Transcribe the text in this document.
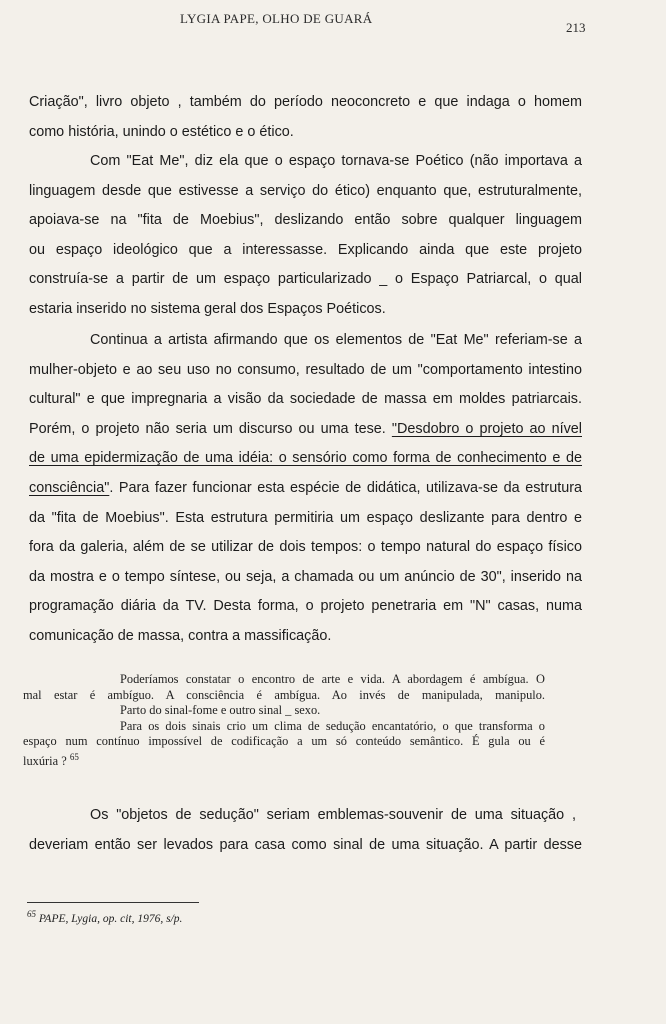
LYGIA PAPE, OLHO DE GUARÁ
213
Criação", livro objeto , também do período neoconcreto e que indaga o homem
como história, unindo o estético e o ético.
Com "Eat Me", diz ela que o espaço tornava-se Poético (não importava a
linguagem desde que estivesse a serviço do ético) enquanto que, estruturalmente,
apoiava-se na "fita de Moebius", deslizando então sobre qualquer linguagem
ou espaço ideológico que a interessasse. Explicando ainda que este projeto
construía-se a partir de um espaço particularizado _ o Espaço Patriarcal, o qual
estaria inserido no sistema geral dos Espaços Poéticos.
Continua a artista afirmando que os elementos de "Eat Me" referiam-se a
mulher-objeto e ao seu uso no consumo, resultado de um "comportamento intestino
cultural" e que impregnaria a visão da sociedade de massa em moldes patriarcais.
Porém, o projeto não seria um discurso ou uma tese. "Desdobro o projeto ao nível
de uma epidermização de uma idéia: o sensório como forma de conhecimento e de
consciência". Para fazer funcionar esta espécie de didática, utilizava-se da estrutura
da "fita de Moebius". Esta estrutura permitiria um espaço deslizante para dentro e
fora da galeria, além de se utilizar de dois tempos: o tempo natural do espaço físico
da mostra e o tempo síntese, ou seja, a chamada ou um anúncio de 30", inserido na
programação diária da TV. Desta forma, o projeto penetraria em "N" casas, numa
comunicação de massa, contra a massificação.
Poderíamos constatar o encontro de arte e vida. A abordagem é ambígua. O
mal estar é ambíguo. A consciência é ambígua. Ao invés de manipulada, manipulo.
Parto do sinal-fome e outro sinal _ sexo.
Para os dois sinais crio um clima de sedução encantatório, o que transforma o
espaço num contínuo impossível de codificação a um só conteúdo semântico. É gula ou é
luxúria ? $^{65}$
Os "objetos de sedução" seriam emblemas-souvenir de uma situação ,
deveriam então ser levados para casa como sinal de uma situação. A partir desse
$^{65}$ PAPE, Lygia, op. cit, 1976, s/p.
